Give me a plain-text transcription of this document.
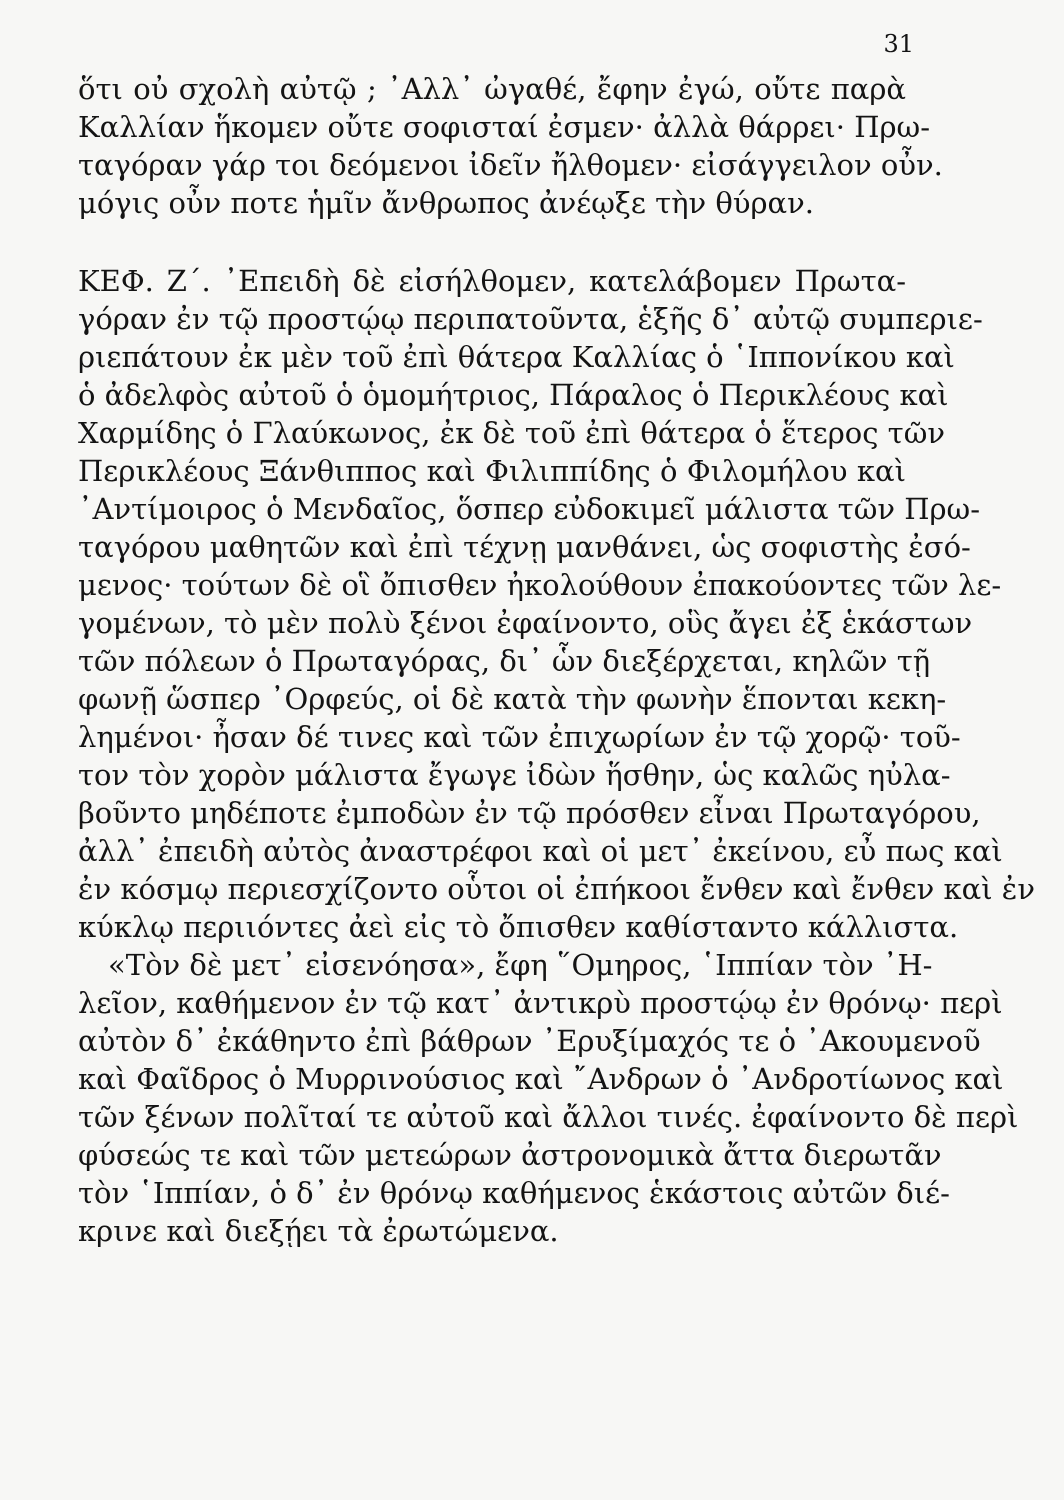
31
ὅτι οὐ σχολὴ αὐτῷ ; ᾿Αλλ᾿ ὠγαθέ, ἔφην ἐγώ, οὔτε παρὰ
Καλλίαν ἥκομεν οὔτε σοφισταί ἐσμεν· ἀλλὰ θάρρει· Πρω-
ταγόραν γάρ τοι δεόμενοι ἰδεῖν ἤλθομεν· εἰσάγγειλον οὖν.
μόγις οὖν ποτε ἡμῖν ἄνθρωπος ἀνέῳξε τὴν θύραν.
ΚΕΦ. Ζ΄. ᾿Επειδὴ δὲ εἰσήλθομεν, κατελάβομεν Πρωτα-
γόραν ἐν τῷ προστῴῳ περιπατοῦντα, ἑξῆς δ᾿ αὐτῷ συμπεριε-
ριεπάτουν ἐκ μὲν τοῦ ἐπὶ θάτερα Καλλίας ὁ ῾Ιππονίκου καὶ
ὁ ἀδελφὸς αὐτοῦ ὁ ὁμομήτριος, Πάραλος ὁ Περικλέους καὶ
Χαρμίδης ὁ Γλαύκωνος, ἐκ δὲ τοῦ ἐπὶ θάτερα ὁ ἕτερος τῶν
Περικλέους Ξάνθιππος καὶ Φιλιππίδης ὁ Φιλομήλου καὶ
᾿Αντίμοιρος ὁ Μενδαῖος, ὅσπερ εὐδοκιμεῖ μάλιστα τῶν Πρω-
ταγόρου μαθητῶν καὶ ἐπὶ τέχνῃ μανθάνει, ὡς σοφιστὴς ἐσό-
μενος· τούτων δὲ οἳ ὄπισθεν ἠκολούθουν ἐπακούοντες τῶν λε-
γομένων, τὸ μὲν πολὺ ξένοι ἐφαίνοντο, οὓς ἄγει ἐξ ἑκάστων
τῶν πόλεων ὁ Πρωταγόρας, δι᾿ ὧν διεξέρχεται, κηλῶν τῇ
φωνῇ ὥσπερ ᾿Ορφεύς, οἱ δὲ κατὰ τὴν φωνὴν ἕπονται κεκη-
λημένοι· ἦσαν δέ τινες καὶ τῶν ἐπιχωρίων ἐν τῷ χορῷ· τοῦ-
τον τὸν χορὸν μάλιστα ἔγωγε ἰδὼν ἥσθην, ὡς καλῶς ηὐλα-
βοῦντο μηδέποτε ἐμποδὼν ἐν τῷ πρόσθεν εἶναι Πρωταγόρου,
ἀλλ᾿ ἐπειδὴ αὐτὸς ἀναστρέφοι καὶ οἱ μετ᾿ ἐκείνου, εὖ πως καὶ
ἐν κόσμῳ περιεσχίζοντο οὗτοι οἱ ἐπήκοοι ἔνθεν καὶ ἔνθεν καὶ ἐν
κύκλῳ περιιόντες ἀεὶ εἰς τὸ ὄπισθεν καθίσταντο κάλλιστα.
«Τὸν δὲ μετ᾿ εἰσενόησα», ἔφη ῞Ομηρος, ῾Ιππίαν τὸν ᾿Η-
λεῖον, καθήμενον ἐν τῷ κατ᾿ ἀντικρὺ προστῴῳ ἐν θρόνῳ· περὶ
αὐτὸν δ᾿ ἐκάθηντο ἐπὶ βάθρων ᾿Ερυξίμαχός τε ὁ ᾿Ακουμενοῦ
καὶ Φαῖδρος ὁ Μυρρινούσιος καὶ ῎Ανδρων ὁ ᾿Ανδροτίωνος καὶ
τῶν ξένων πολῖταί τε αὐτοῦ καὶ ἄλλοι τινές. ἐφαίνοντο δὲ περὶ
φύσεώς τε καὶ τῶν μετεώρων ἀστρονομικὰ ἄττα διερωτᾶν
τὸν ῾Ιππίαν, ὁ δ᾿ ἐν θρόνῳ καθήμενος ἑκάστοις αὐτῶν διέ-
κρινε καὶ διεξῄει τὰ ἐρωτώμενα.
